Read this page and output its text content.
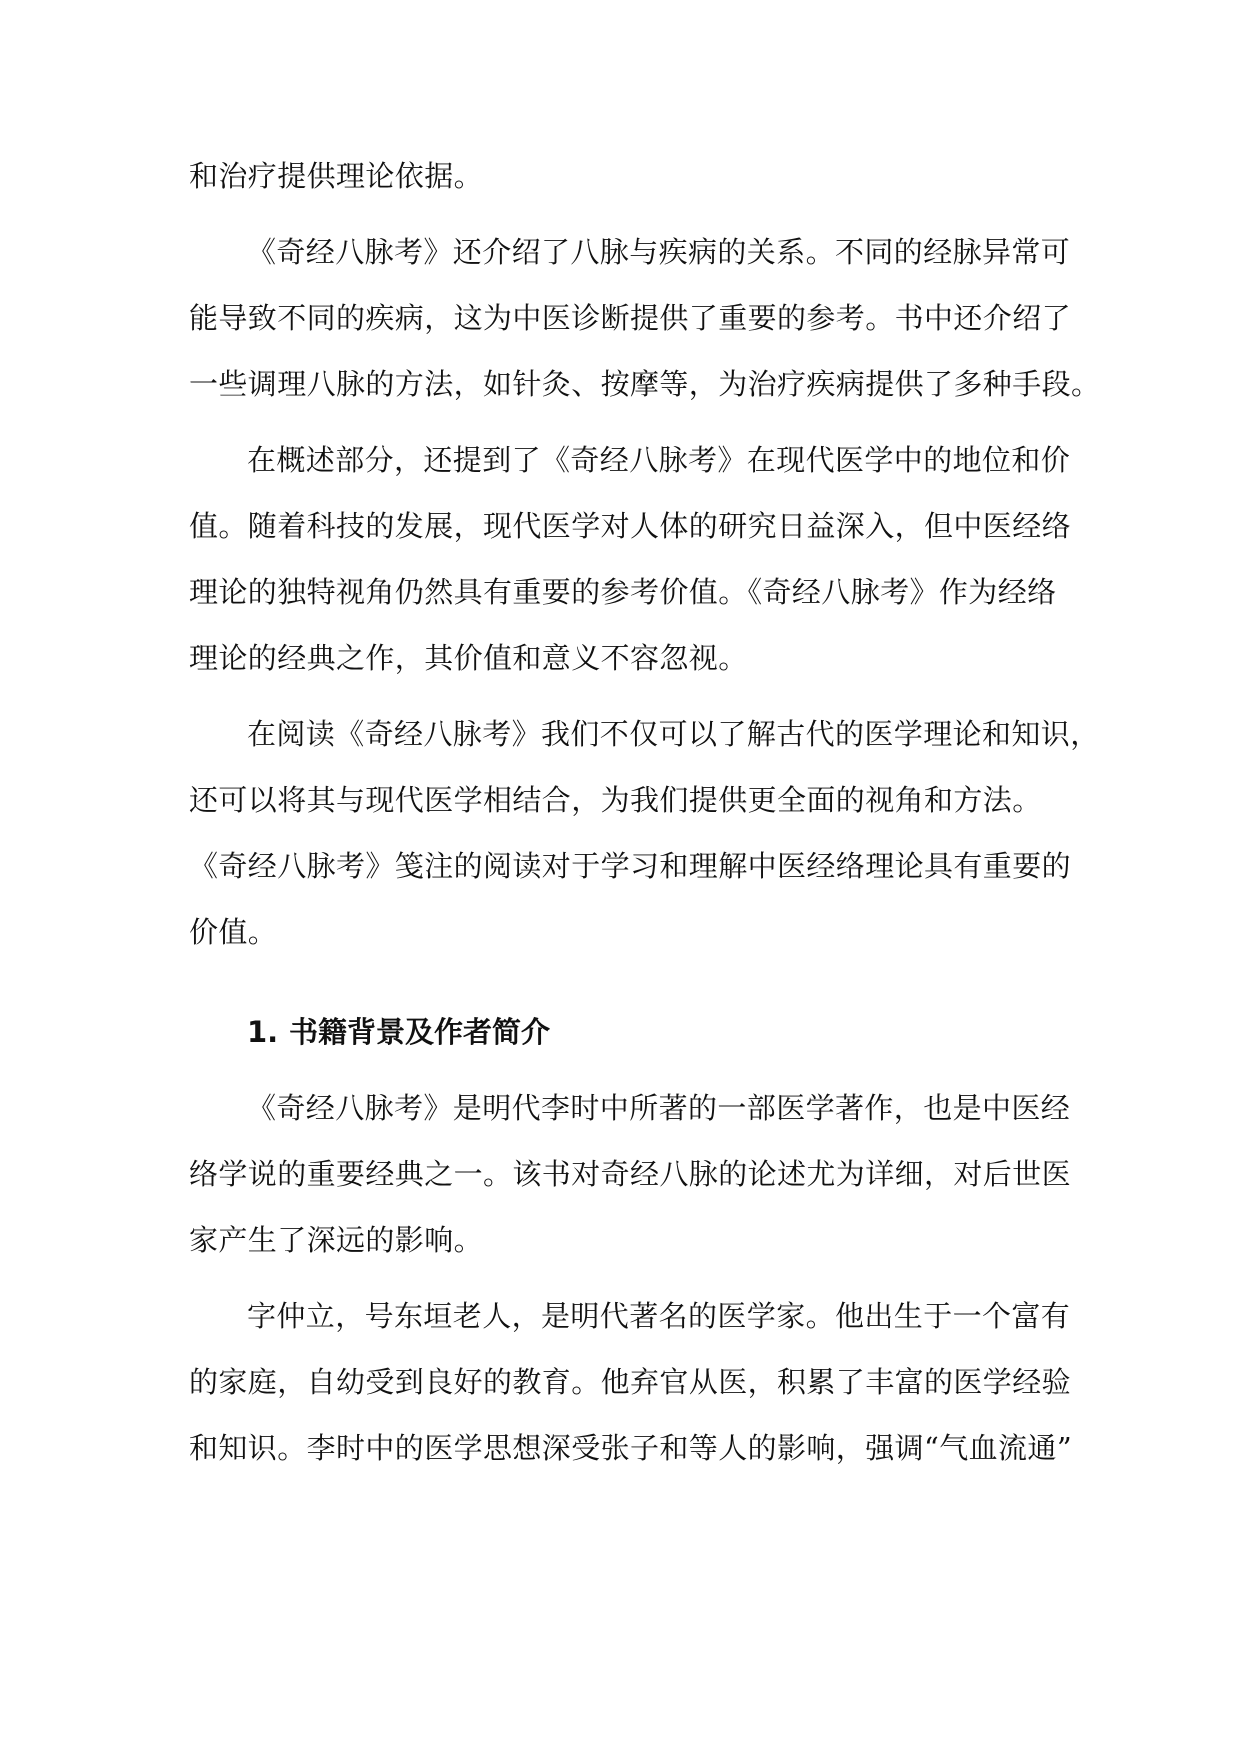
和治疗提供理论依据。

《奇经八脉考》还介绍了八脉与疾病的关系。不同的经脉异常可

能导致不同的疾病，这为中医诊断提供了重要的参考。书中还介绍了

一些调理八脉的方法，如针灸、按摩等，为治疗疾病提供了多种手段。

在概述部分，还提到了《奇经八脉考》在现代医学中的地位和价

值。随着科技的发展，现代医学对人体的研究日益深入，但中医经络

理论的独特视角仍然具有重要的参考价值。《奇经八脉考》作为经络

理论的经典之作，其价值和意义不容忽视。

在阅读《奇经八脉考》我们不仅可以了解古代的医学理论和知识，

还可以将其与现代医学相结合，为我们提供更全面的视角和方法。

《奇经八脉考》笺注的阅读对于学习和理解中医经络理论具有重要的

价值。

1. 书籍背景及作者简介

《奇经八脉考》是明代李时中所著的一部医学著作，也是中医经

络学说的重要经典之一。该书对奇经八脉的论述尤为详细，对后世医

家产生了深远的影响。

字仲立，号东垣老人，是明代著名的医学家。他出生于一个富有

的家庭，自幼受到良好的教育。他弃官从医，积累了丰富的医学经验

和知识。李时中的医学思想深受张子和等人的影响，强调“气血流通”
